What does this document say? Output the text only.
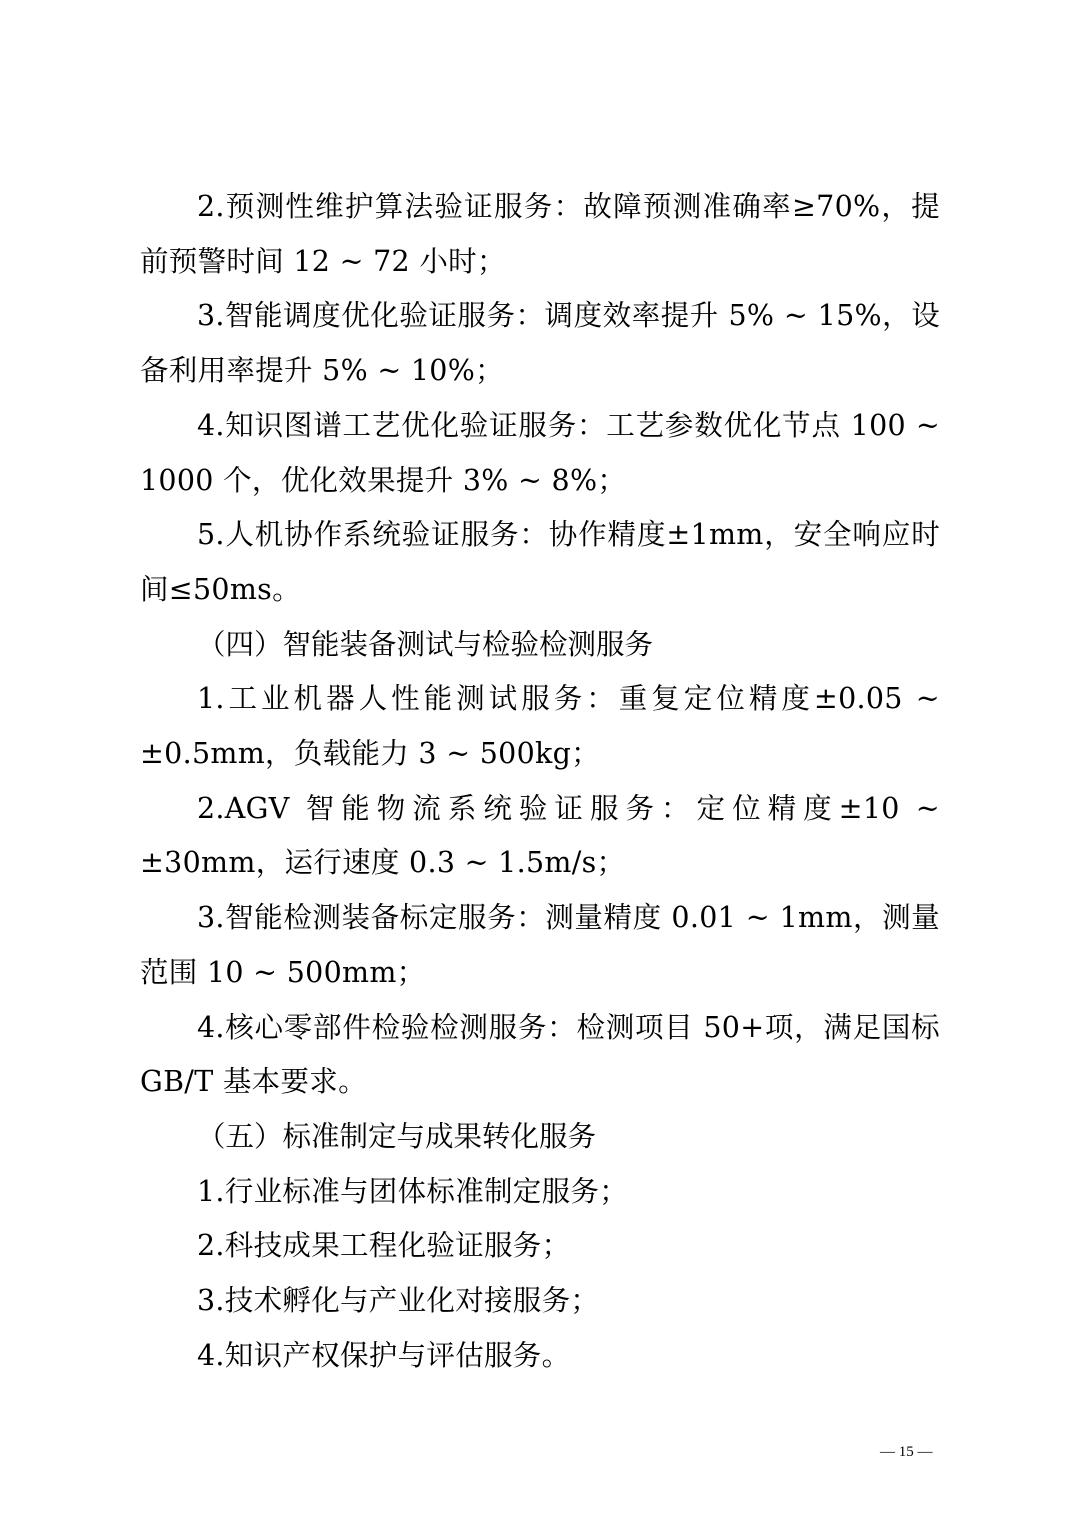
2.预测性维护算法验证服务：故障预测准确率≥70%，提前预警时间 12 ~ 72 小时；

3.智能调度优化验证服务：调度效率提升 5% ~ 15%，设备利用率提升 5% ~ 10%；

4.知识图谱工艺优化验证服务：工艺参数优化节点 100 ~ 1000 个，优化效果提升 3% ~ 8%；

5.人机协作系统验证服务：协作精度±1mm，安全响应时间≤50ms。

（四）智能装备测试与检验检测服务

1.工业机器人性能测试服务：重复定位精度±0.05 ~ ±0.5mm，负载能力 3 ~ 500kg；

2.AGV 智能物流系统验证服务：定位精度±10 ~ ±30mm，运行速度 0.3 ~ 1.5m/s；

3.智能检测装备标定服务：测量精度 0.01 ~ 1mm，测量范围 10 ~ 500mm；

4.核心零部件检验检测服务：检测项目 50+项，满足国标 GB/T 基本要求。

（五）标准制定与成果转化服务

1.行业标准与团体标准制定服务；

2.科技成果工程化验证服务；

3.技术孵化与产业化对接服务；

4.知识产权保护与评估服务。

— 15 —
